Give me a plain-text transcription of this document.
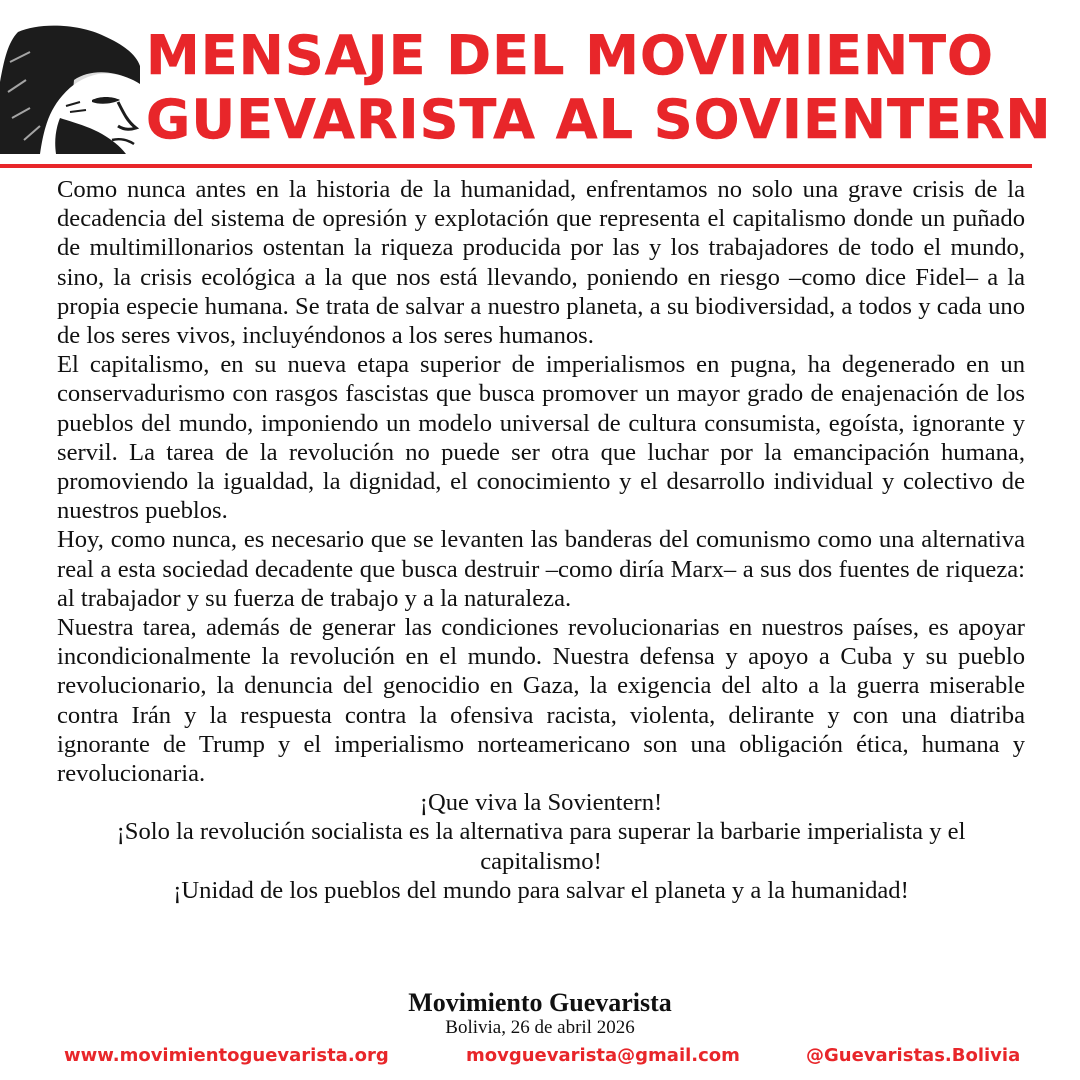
MENSAJE DEL MOVIMIENTO
GUEVARISTA AL SOVIENTERN

Como nunca antes en la historia de la humanidad, enfrentamos no solo una grave crisis de la decadencia del sistema de opresión y explotación que representa el capitalismo donde un puñado de multimillonarios ostentan la riqueza producida por las y los trabajadores de todo el mundo, sino, la crisis ecológica a la que nos está llevando, poniendo en riesgo –como dice Fidel– a la propia especie humana. Se trata de salvar a nuestro planeta, a su biodiversidad, a todos y cada uno de los seres vivos, incluyéndonos a los seres humanos.

El capitalismo, en su nueva etapa superior de imperialismos en pugna, ha degenerado en un conservadurismo con rasgos fascistas que busca promover un mayor grado de enajenación de los pueblos del mundo, imponiendo un modelo universal de cultura consumista, egoísta, ignorante y servil. La tarea de la revolución no puede ser otra que luchar por la emancipación humana, promoviendo la igualdad, la dignidad, el conocimiento y el desarrollo individual y colectivo de nuestros pueblos.

Hoy, como nunca, es necesario que se levanten las banderas del comunismo como una alternativa real a esta sociedad decadente que busca destruir –como diría Marx– a sus dos fuentes de riqueza: al trabajador y su fuerza de trabajo y a la naturaleza.

Nuestra tarea, además de generar las condiciones revolucionarias en nuestros países, es apoyar incondicionalmente la revolución en el mundo. Nuestra defensa y apoyo a Cuba y su pueblo revolucionario, la denuncia del genocidio en Gaza, la exigencia del alto a la guerra miserable contra Irán y la respuesta contra la ofensiva racista, violenta, delirante y con una diatriba ignorante de Trump y el imperialismo norteamericano son una obligación ética, humana y revolucionaria.

¡Que viva la Sovientern!
¡Solo la revolución socialista es la alternativa para superar la barbarie imperialista y el capitalismo!
¡Unidad de los pueblos del mundo para salvar el planeta y a la humanidad!
Movimiento Guevarista
Bolivia, 26 de abril 2026
www.movimientoguevarista.org	movguevarista@gmail.com	@Guevaristas.Bolivia
